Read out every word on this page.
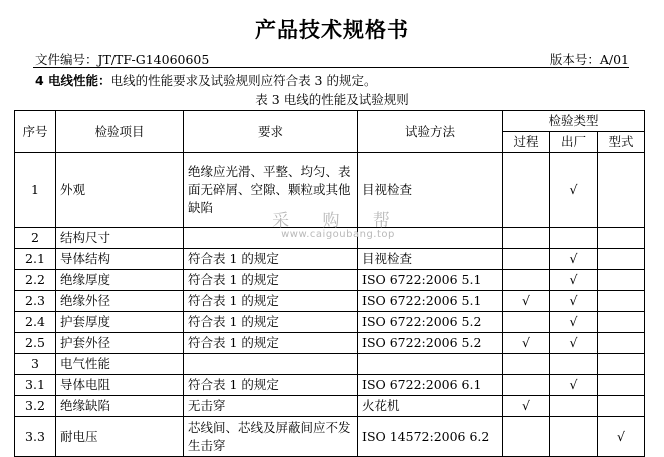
产品技术规格书
文件编号：JT/TF-G14060605	版本号：A/01
4 电线性能：电线的性能要求及试验规则应符合表 3 的规定。
表 3 电线的性能及试验规则
序号	检验项目	要求	试验方法	检验类型		
				过程	出厂	型式
1	外观	绝缘应光滑、平整、均匀、表面无碎屑、空隙、颗粒或其他缺陷	目视检查		√	
2	结构尺寸					
2.1	导体结构	符合表 1 的规定	目视检查		√	
2.2	绝缘厚度	符合表 1 的规定	ISO 6722:2006 5.1		√	
2.3	绝缘外径	符合表 1 的规定	ISO 6722:2006 5.1	√	√	
2.4	护套厚度	符合表 1 的规定	ISO 6722:2006 5.2		√	
2.5	护套外径	符合表 1 的规定	ISO 6722:2006 5.2	√	√	
3	电气性能					
3.1	导体电阻	符合表 1 的规定	ISO 6722:2006 6.1		√	
3.2	绝缘缺陷	无击穿	火花机	√		
3.3	耐电压	芯线间、芯线及屏蔽间应不发生击穿	ISO 14572:2006 6.2			√
采 购 帮
www.caigoubang.top
